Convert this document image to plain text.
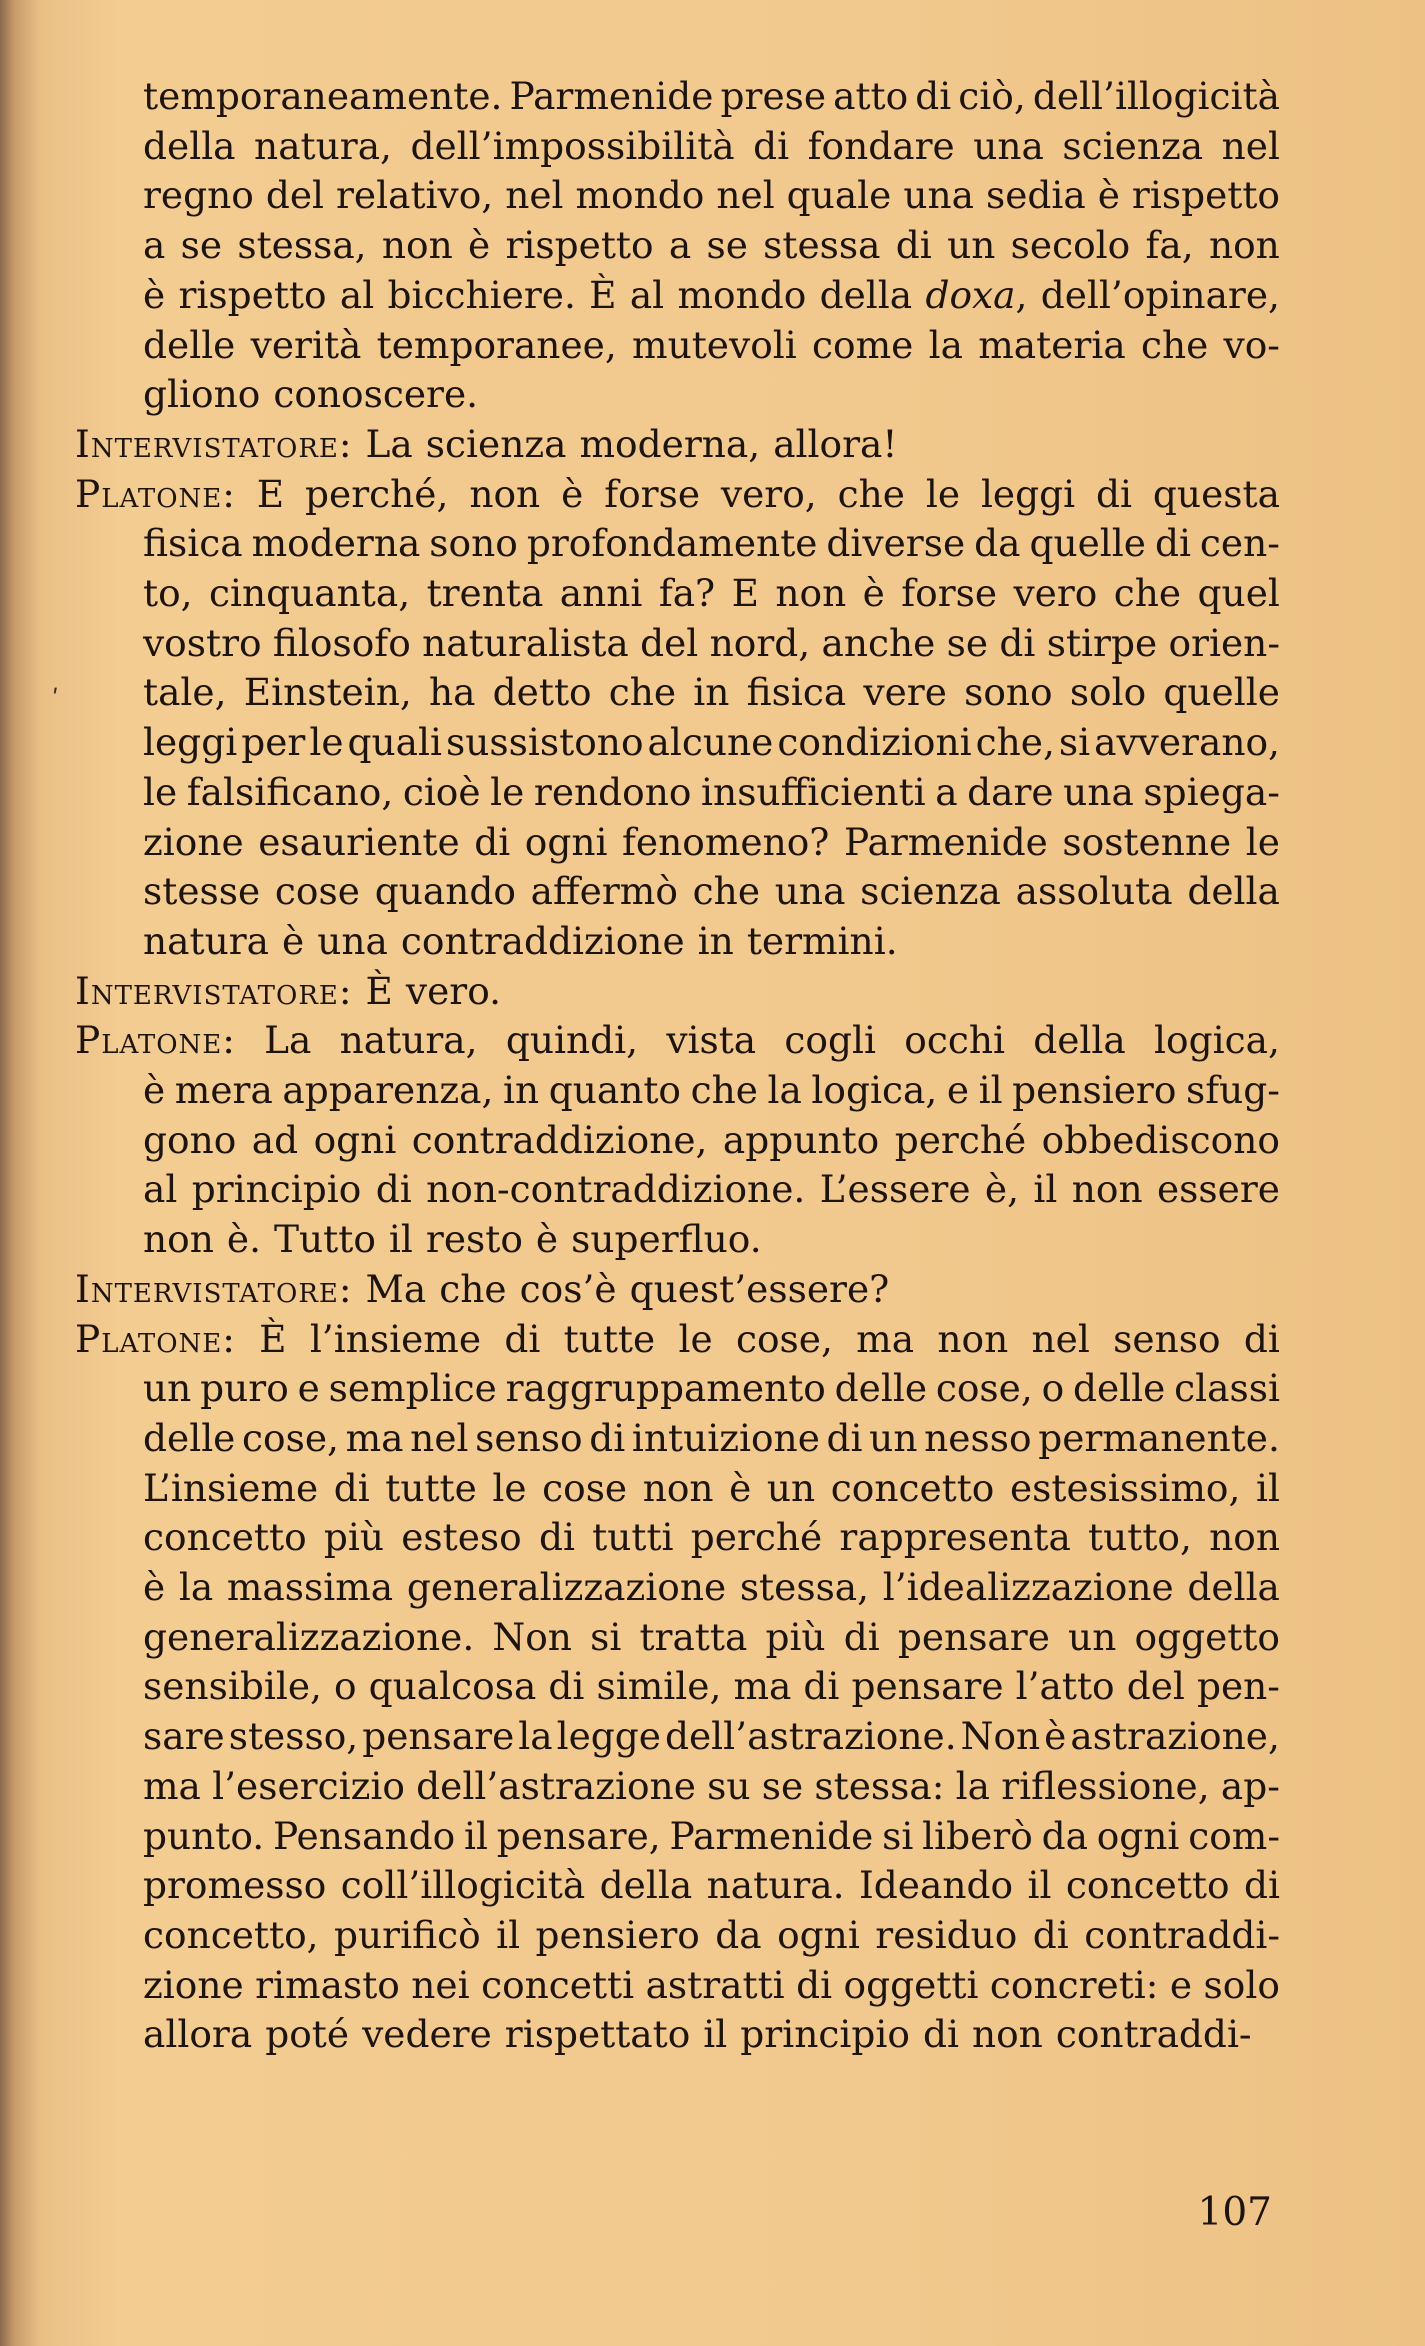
ʹ
temporaneamente. Parmenide prese atto di ciò, dell’illogicità
della natura, dell’impossibilità di fondare una scienza nel
regno del relativo, nel mondo nel quale una sedia è rispetto
a se stessa, non è rispetto a se stessa di un secolo fa, non
è rispetto al bicchiere. È al mondo della doxa, dell’opinare,
delle verità temporanee, mutevoli come la materia che vo-
gliono conoscere.
Intervistatore: La scienza moderna, allora!
Platone: E perché, non è forse vero, che le leggi di questa
fisica moderna sono profondamente diverse da quelle di cen-
to, cinquanta, trenta anni fa? E non è forse vero che quel
vostro filosofo naturalista del nord, anche se di stirpe orien-
tale, Einstein, ha detto che in fisica vere sono solo quelle
leggi per le quali sussistono alcune condizioni che, si avverano,
le falsificano, cioè le rendono insufficienti a dare una spiega-
zione esauriente di ogni fenomeno? Parmenide sostenne le
stesse cose quando affermò che una scienza assoluta della
natura è una contraddizione in termini.
Intervistatore: È vero.
Platone: La natura, quindi, vista cogli occhi della logica,
è mera apparenza, in quanto che la logica, e il pensiero sfug-
gono ad ogni contraddizione, appunto perché obbediscono
al principio di non-contraddizione. L’essere è, il non essere
non è. Tutto il resto è superfluo.
Intervistatore: Ma che cos’è quest’essere?
Platone: È l’insieme di tutte le cose, ma non nel senso di
un puro e semplice raggruppamento delle cose, o delle classi
delle cose, ma nel senso di intuizione di un nesso permanente.
L’insieme di tutte le cose non è un concetto estesissimo, il
concetto più esteso di tutti perché rappresenta tutto, non
è la massima generalizzazione stessa, l’idealizzazione della
generalizzazione. Non si tratta più di pensare un oggetto
sensibile, o qualcosa di simile, ma di pensare l’atto del pen-
sare stesso, pensare la legge dell’astrazione. Non è astrazione,
ma l’esercizio dell’astrazione su se stessa: la riflessione, ap-
punto. Pensando il pensare, Parmenide si liberò da ogni com-
promesso coll’illogicità della natura. Ideando il concetto di
concetto, purificò il pensiero da ogni residuo di contraddi-
zione rimasto nei concetti astratti di oggetti concreti: e solo
allora poté vedere rispettato il principio di non contraddi-
107
